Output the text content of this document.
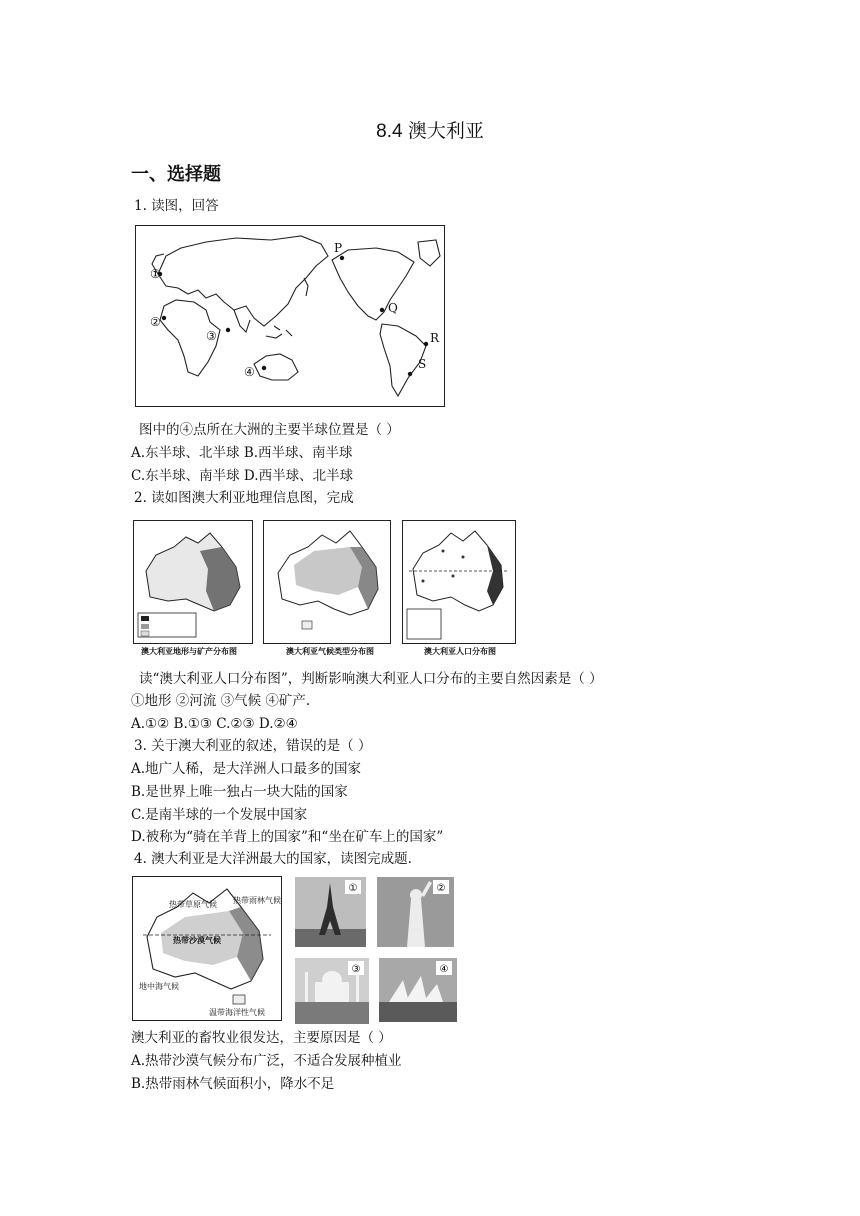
8.4 澳大利亚
一、选择题
1. 读图，回答
①
②
③
④
P
Q
R
S
图中的④点所在大洲的主要半球位置是（ ）
A.东半球、北半球 B.西半球、南半球
C.东半球、南半球 D.西半球、北半球
2. 读如图澳大利亚地理信息图，完成
澳大利亚地形与矿产分布图	澳大利亚气候类型分布图	澳大利亚人口分布图
读“澳大利亚人口分布图”，判断影响澳大利亚人口分布的主要自然因素是（ ）
①地形 ②河流 ③气候 ④矿产.
A.①② B.①③ C.②③ D.②④
3. 关于澳大利亚的叙述，错误的是（ ）
A.地广人稀，是大洋洲人口最多的国家
B.是世界上唯一独占一块大陆的国家
C.是南半球的一个发展中国家
D.被称为“骑在羊背上的国家”和“坐在矿车上的国家”
4. 澳大利亚是大洋洲最大的国家，读图完成题.
热带草原气候 热带雨林气候
热带沙漠气候
地中海气候
温带海洋性气候
①	②
③	④
澳大利亚的畜牧业很发达，主要原因是（ ）
A.热带沙漠气候分布广泛，不适合发展种植业
B.热带雨林气候面积小，降水不足
